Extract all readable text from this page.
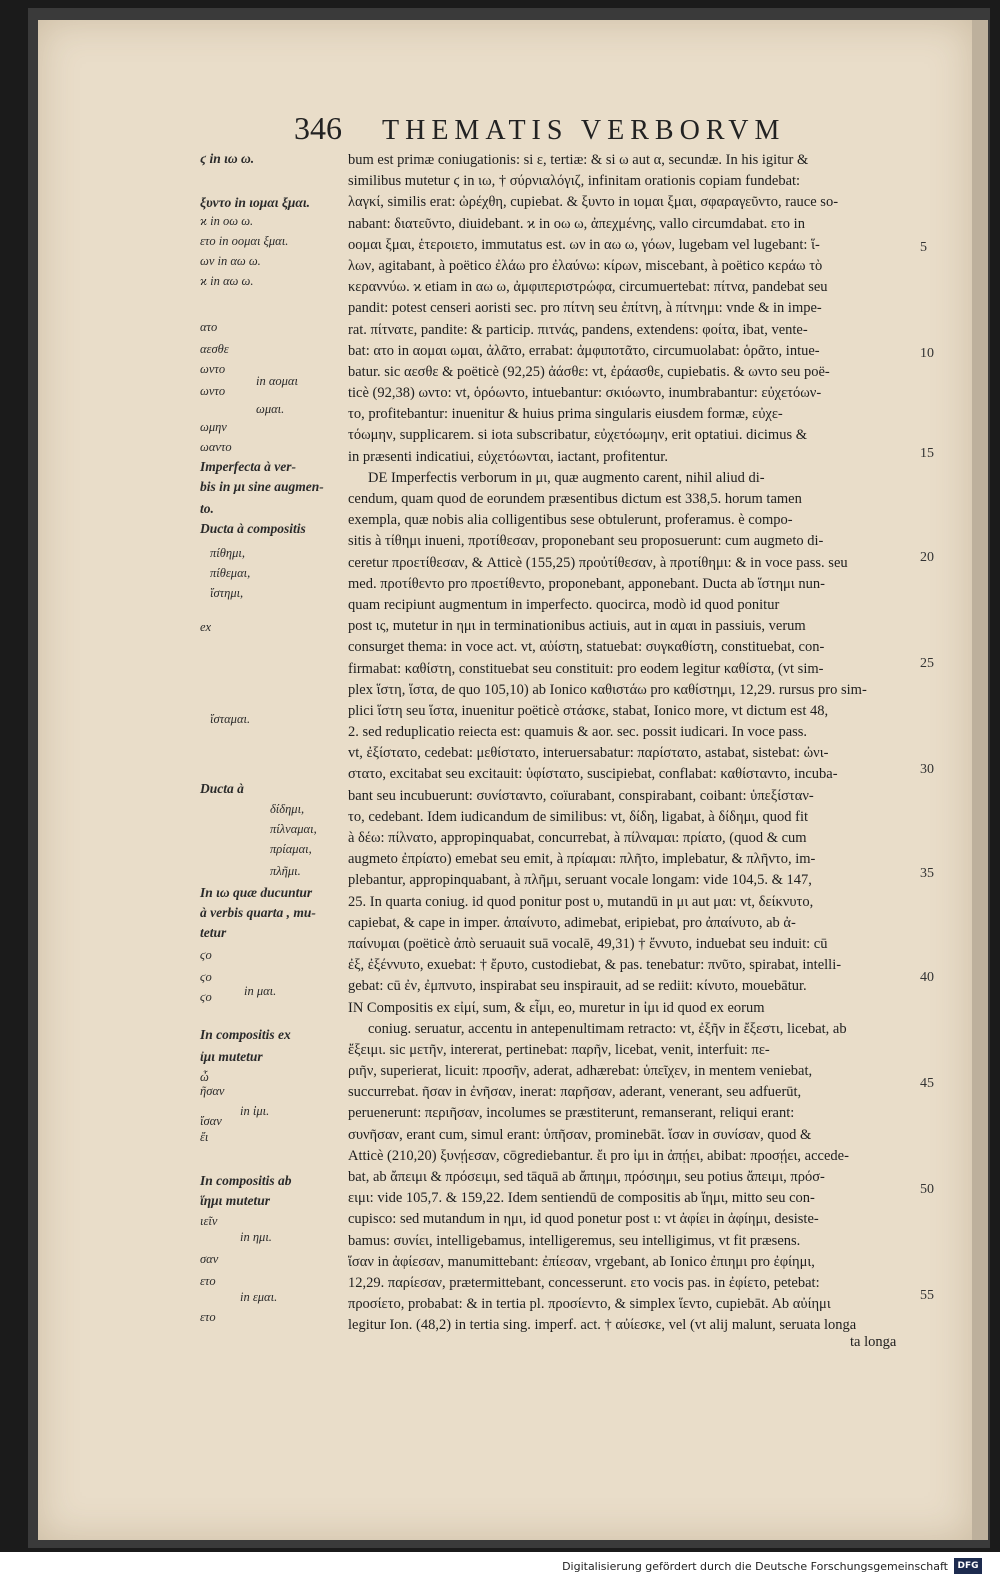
346 THEMATIS VERBORVM
ϛ in ιω ω.
ξυντο in ιομαι ξμαι.
ϰ in οω ω.
ετο in οομαι ξμαι.
ων in αω ω.
ϰ in αω ω.
ατο
αεσθε
ωντο
in αομαι
ωντο
ωμαι.
ωμην
ωαντο
Imperfecta à ver-
bis in μι sine augmen-
to.
Ducta à compositis
πίθημι,
πίθεμαι,
ἵστημι,
ex
ἵσταμαι.
Ducta à
δίδημι,
πίλναμαι,
πρίαμαι,
πλῆμι.
In ιω quæ ducuntur
à verbis quarta , mu-
tetur
ϛο
ϛο
in μαι.
ϛο
In compositis ex
ἰμι mutetur
ὦ
ῆσαν
in ἰμι.
ἴσαν
ἔι
In compositis ab
ἵημι mutetur
ιεῖν
in ημι.
σαν
ετο
in εμαι.
ετο
bum est primæ coniugationis: si ε, tertiæ: & si ω aut α, secundæ. In his igitur &
similibus mutetur ϛ in ιω, † σύρνιαλόγιζ, infinitam orationis copiam fundebat:
λαγκί, similis erat: ὠρέχθη, cupiebat. & ξυντο in ιομαι ξμαι, σφαραγεῦντο, rauce so-
nabant: διατεῦντο, diuidebant. ϰ in οω ω, ἀπεχμένης, vallo circumdabat. ετο in
οομαι ξμαι, ἑτεροιετο, immutatus est. ων in αω ω, γόων, lugebam vel lugebant: ἵ-
λων, agitabant, à poëtico ἐλάω pro ἐλαύνω: κίρων, miscebant, à poëtico κεράω τὸ
κεραννύω. ϰ etiam in αω ω, ἀμφιπεριστρώφα, circumuertebat: πίτνα, pandebat seu
pandit: potest censeri aoristi sec. pro πίτνη seu ἐπίτνη, à πίτνημι: vnde & in impe-
rat. πίτνατε, pandite: & particip. πιτνάς, pandens, extendens: φοίτα, ibat, vente-
bat: ατο in αομαι ωμαι, ἀλᾶτο, errabat: ἀμφιποτᾶτο, circumuolabat: ὁρᾶτο, intue-
batur. sic αεσθε & poëticè (92,25) ἀάσθε: vt, ἐράασθε, cupiebatis. & ωντο seu poë-
ticè (92,38) ωντο: vt, ὁρόωντο, intuebantur: σκιόωντο, inumbrabantur: εὐχετόων-
το, profitebantur: inuenitur & huius prima singularis eiusdem formæ, εὐχε-
τόωμην, supplicarem. si iota subscribatur, εὐχετόωμην, erit optatiui. dicimus &
in præsenti indicatiui, εὐχετόωνται, iactant, profitentur.
DE Imperfectis verborum in μι, quæ augmento carent, nihil aliud di-
cendum, quam quod de eorundem præsentibus dictum est 338,5. horum tamen
exempla, quæ nobis alia colligentibus sese obtulerunt, proferamus. è compo-
sitis à τίθημι inueni, προτίθεσαν, proponebant seu proposuerunt: cum augmeto di-
ceretur προετίθεσαν, & Atticè (155,25) προὐτίθεσαν, à προτίθημι: & in voce pass. seu
med. προτίθεντο pro προετίθεντο, proponebant, apponebant. Ducta ab ἵστημι nun-
quam recipiunt augmentum in imperfecto. quocirca, modò id quod ponitur
post ις, mutetur in ημι in terminationibus actiuis, aut in αμαι in passiuis, verum
consurget thema: in voce act. vt, αὐίστη, statuebat: συγκαθίστη, constituebat, con-
firmabat: καθίστη, constituebat seu constituit: pro eodem legitur καθίστα, (vt sim-
plex ἵστη, ἵστα, de quo 105,10) ab Ionico καθιστάω pro καθίστημι, 12,29. rursus pro sim-
plici ἵστη seu ἵστα, inuenitur poëticè στάσκε, stabat, Ionico more, vt dictum est 48,
2. sed reduplicatio reiecta est: quamuis & aor. sec. possit iudicari. In voce pass.
vt, ἐξίστατο, cedebat: μεθίστατο, interuersabatur: παρίστατο, astabat, sistebat: ὠνι-
στατο, excitabat seu excitauit: ὑφίστατο, suscipiebat, conflabat: καθίσταντο, incuba-
bant seu incubuerunt: συνίσταντο, coïurabant, conspirabant, coibant: ὑπεξίσταν-
το, cedebant. Idem iudicandum de similibus: vt, δίδη, ligabat, à δίδημι, quod fit
à δέω: πίλνατο, appropinquabat, concurrebat, à πίλναμαι: πρίατο, (quod & cum
augmeto ἐπρίατο) emebat seu emit, à πρίαμαι: πλῆτο, implebatur, & πλῆντο, im-
plebantur, appropinquabant, à πλῆμι, seruant vocale longam: vide 104,5. & 147,
25. In quarta coniug. id quod ponitur post υ, mutandū in μι aut μαι: vt, δείκνυτο,
capiebat, & cape in imper. ἀπαίνυτο, adimebat, eripiebat, pro ἀπαίνυτο, ab ἀ-
παίνυμαι (poëticè ἀπὸ seruauit suā vocalē, 49,31) † ἔννυτο, induebat seu induit: cū
ἐξ, ἐξέννυτο, exuebat: † ἔρυτο, custodiebat, & pas. tenebatur: πνῦτο, spirabat, intelli-
gebat: cū ἐν, ἐμπνυτο, inspirabat seu inspirauit, ad se rediit: κίνυτο, mouebātur.
IN Compositis ex εἰμί, sum, & εἶμι, eo, muretur in ἰμι id quod ex eorum
coniug. seruatur, accentu in antepenultimam retracto: vt, ἐξῆν in ἔξεστι, licebat, ab
ἔξειμι. sic μετῆν, intererat, pertinebat: παρῆν, licebat, venit, interfuit: πε-
ριῆν, superierat, licuit: προσῆν, aderat, adhærebat: ὑπεῖχεν, in mentem veniebat,
succurrebat. ῆσαν in ἐνῆσαν, inerat: παρῆσαν, aderant, venerant, seu adfuerūt,
peruenerunt: περιῆσαν, incolumes se præstiterunt, remanserant, reliqui erant:
συνῆσαν, erant cum, simul erant: ὑπῆσαν, prominebāt. ἴσαν in συνίσαν, quod &
Atticè (210,20) ξυνῄεσαν, cōgrediebantur. ἔι pro ἰμι in ἀπῄει, abibat: προσῄει, accede-
bat, ab ἄπειμι & πρόσειμι, sed tāquā ab ἄπιημι, πρόσιημι, seu potius ἄπειμι, πρόσ-
ειμι: vide 105,7. & 159,22. Idem sentiendū de compositis ab ἵημι, mitto seu con-
cupisco: sed mutandum in ημι, id quod ponetur post ι: vt ἀφίει in ἀφίημι, desiste-
bamus: συνίει, intelligebamus, intelligeremus, seu intelligimus, vt fit præsens.
ἵσαν in ἀφίεσαν, manumittebant: ἐπίεσαν, vrgebant, ab Ionico ἐπιημι pro ἐφίημι,
12,29. παρίεσαν, prætermittebant, concesserunt. ετο vocis pas. in ἐφίετο, petebat:
προσίετο, probabat: & in tertia pl. προσίεντο, & simplex ἵεντο, cupiebāt. Ab αὐίημι
legitur Ion. (48,2) in tertia sing. imperf. act. † αὐίεσκε, vel (vt alij malunt, seruata longa
5
10
15
20
25
30
35
40
45
50
55
ta longa
Digitalisierung gefördert durch die Deutsche Forschungsgemeinschaft	DFG
